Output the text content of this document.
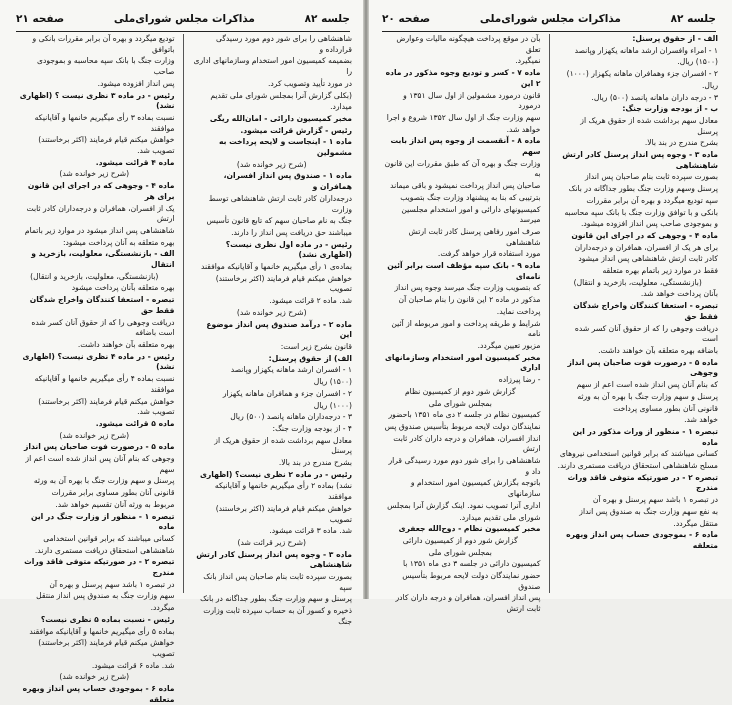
جلسه ۸۲
مذاکرات مجلس شورای‌ملی
صفحه ۲۱

شاهنشاهی را برای شور دوم مورد رسیدگی قرارداده و

بضمیمه کمیسیون امور استخدام وسازمانهای اداری را

در مورد تأیید وتصویب کرد.

(بکلی گزارش آنرا بمجلس شورای ملی تقدیم

میدارد.

مخبر کمیسیون دارائی - امان‌الله ریگی

رئیس - گزارش قرائت میشود.

ماده ۱ - ‌اینجاست ‌و ‌لایحه پرداخت ‌به ‌مشمولین

(شرح زیر خوانده شد)

ماده ۱ - صندوق پس انداز افسران، همافران و

درجه‌داران کادر ثابت ارتش شاهنشاهی توسط وزارت

جنگ به نام صاحبان سهم که تابع قانون تأسیس

میباشند حق دریافت پس انداز را دارند.

رئیس - در ماده اول نظری نیست؟ (اظهاری نشد)

بماده‌ی ۱ رأی میگیریم خانمها و آقایانیکه موافقند

خواهش میکنم قیام فرمایند (اکثر برخاستند) تصویب

شد. ماده ۲ قرائت میشود.

(شرح زیر خوانده شد)

ماده ۲ - درآمد صندوق پس انداز موضوع این

قانون بشرح زیر است:

الف) از حقوق پرسنل:

۱ - افسران ارشد ماهانه یکهزار وپانصد

(۱۵۰۰) ریال

۲ - افسران جزء و همافران ماهانه یکهزار

(۱۰۰۰) ریال

۳ - درجه‌داران ماهانه پانصد (۵۰۰) ریال

۴ - از بودجه وزارت جنگ:

معادل سهم برداشت شده از حقوق هریک از پرسنل

بشرح مندرج در بند بالا.

رئیس - در ماده ۲ نظری نیست؟ (اظهاری

نشد) بماده ۲ رأی میگیریم خانمها و آقایانیکه موافقند

خواهش میکنم قیام فرمایند (اکثر برخاستند) تصویب

شد. ماده ۳ قرائت میشود.

(شرح زیر قرائت شد)

ماده ۳ - وجوه پس انداز پرسنل کادر ارتش شاهنشاهی

بصورت سپرده ثابت بنام صاحبان پس انداز بانک سپه

پرسنل و سهم وزارت جنگ بطور جداگانه در بانک

ذخیره و کسور آن به حساب سپرده ثابت وزارت جنگ

تودیع میگردد و بهره آن برابر مقررات بانکی و باتوافق

وزارت جنگ با بانک سپه محاسبه و بموجودی صاحب

پس انداز افزوده میشود.

رئیس - در ماده ۳ نظری نیست ؟ (اظهاری نشد)

نسبت بماده ۳ رأی میگیریم خانمها و آقایانیکه موافقند

خواهش میکنم قیام فرمایند (اکثر برخاستند) تصویب شد.

ماده ۴ قرائت میشود.

(شرح زیر خوانده شد)

ماده ۴ - وجوهی که در اجرای این قانون برای هر

یک از افسران، همافران و درجه‌داران کادر ثابت ارتش

شاهنشاهی پس انداز میشود در موارد زیر باتمام

بهره متعلقه به آنان پرداخت میشود:

الف - بازنشستگی، معلولیت، بازخرید و انتقال

(بازنشستگی، معلولیت، بازخرید و انتقال)

بهره متعلقه بآنان پرداخت میشود

تبصره - استعفا کنندگان واخراج شدگان فقط حق

دریافت وجوهی را که از حقوق آنان کسر شده است باضافه

بهره متعلقه بآن خواهند داشت.

رئیس - در ماده ۴ نظری نیست؟ (اظهاری نشد)

نسبت بماده ۴ رأی میگیریم خانمها و آقایانیکه موافقند

خواهش میکنم قیام فرمایند (اکثر برخاستند) تصویب شد.

ماده ۵ قرائت میشود.

(شرح زیر خوانده شد)

ماده ۵ - درصورت فوت صاحبان پس انداز

وجوهی که بنام آنان پس انداز شده است اعم از سهم

پرسنل و سهم وزارت جنگ با بهره آن به ورثه

قانونی آنان بطور مساوی برابر مقررات

مربوط به ورثه آنان تقسیم خواهد شد.

تبصره ۱ - منظور از وزارت جنگ در این ماده

کسانی میباشند که برابر قوانین استخدامی

شاهنشاهی استحقاق دریافت مستمری دارند.

تبصره ۲ - در صورتیکه متوفی فاقد وراث مندرج

در تبصره ۱ باشد سهم پرسنل و بهره آن

سهم وزارت جنگ به صندوق پس انداز منتقل

میگردد.

رئیس - نسبت بماده ۵ نظری نیست؟

بماده ۵ رأی میگیریم خانمها و آقایانیکه موافقند

خواهش میکنم قیام فرمایند (اکثر برخاستند) تصویب

شد. ماده ۶ قرائت میشود.

(شرح زیر خوانده شد)

ماده ۶ - بموجودی حساب پس انداز وبهره متعلقه

جلسه ۸۲
مذاکرات مجلس شورای‌ملی
صفحه ۲۰

الف - از حقوق پرسنل:

۱ - امراء وافسران ارشد ماهانه یکهزار وپانصد

(۱۵۰۰) ریال.

۲ - افسران جزء وهمافران ماهانه یکهزار (۱۰۰۰)

ریال.

۳ - درجه داران ماهانه پانصد (۵۰۰) ریال.

ب - از بودجه وزارت جنگ:

معادل سهم برداشت شده از حقوق هریک از پرسنل

بشرح مندرج در بند بالا.

ماده ۳ - وجوه پس انداز پرسنل کادر ارتش شاهنشاهی

بصورت سپرده ثابت بنام صاحبان پس انداز

پرسنل وسهم وزارت جنگ بطور جداگانه در بانک

سپه تودیع میگردد و بهره آن برابر مقررات

بانکی و با توافق وزارت جنگ با بانک سپه محاسبه

و بموجودی صاحب پس انداز افزوده میشود.

ماده ۴ - وجوهی که در اجرای این قانون

برای هر یک از افسران، همافران و درجه‌داران

کادر ثابت ارتش شاهنشاهی پس انداز میشود

فقط در موارد زیر باتمام بهره متعلقه

(بازنشستگی، معلولیت، بازخرید و انتقال)

بآنان پرداخت خواهد شد.

تبصره - استعفا کنندگان واخراج شدگان فقط حق

دریافت وجوهی را که از حقوق آنان کسر شده است

باضافه بهره متعلقه بآن خواهند داشت.

ماده ۵ - درصورت فوت صاحبان پس انداز وجوهی

که بنام آنان پس انداز شده است اعم از سهم

پرسنل و سهم وزارت جنگ با بهره آن به ورثه

قانونی آنان بطور مساوی پرداخت

خواهد شد.

تبصره ۱ - منظور از وراث مذکور در این ماده

کسانی میباشند که برابر قوانین استخدامی نیروهای

مسلح شاهنشاهی استحقاق دریافت مستمری دارند.

تبصره ۲ - در صورتیکه متوفی فاقد وراث مندرج

در تبصره ۱ باشد سهم پرسنل و بهره آن

به نفع سهم وزارت جنگ به صندوق پس انداز

منتقل میگردد.

ماده ۶ - بموجودی حساب پس انداز وبهره متعلقه

بآن در موقع پرداخت هیچگونه مالیات وعوارض تعلق

نمیگیرد.

ماده ۷ - کسر و تودیع وجوه مذکور در ماده ۲ این

قانون درمورد مشمولین از اول سال ۱۳۵۱ و درمورد

سهم وزارت جنگ از اول سال ۱۳۵۲ شروع و اجرا

خواهد شد.

ماده ۸ - آنقسمت از وجوه پس انداز بابت سهم

وزارت جنگ و بهره آن که طبق مقررات این قانون به

صاحبان پس انداز پرداخت نمیشود و باقی میماند

بترتیبی که بنا به پیشنهاد وزارت جنگ بتصویب

کمیسیونهای دارائی و امور استخدام مجلسین میرسد

صرف امور رفاهی پرسنل کادر ثابت ارتش شاهنشاهی

مورد استفاده قرار خواهد گرفت.

ماده ۹ - بانک سپه مؤظف است برابر آئین نامه‌ای

که بتصویب وزارت جنگ میرسد وجوه پس انداز

مذکور در ماده ۲ این قانون را بنام صاحبان آن

پرداخت نماید.

شرایط و طریقه پرداخت و امور مربوطه از آئین نامه

مزبور تعیین میگردد.

مخبر کمیسیون امور استخدام وسازمانهای اداری

- رضا پیرزاده

گزارش شور دوم از کمیسیون نظام

بمجلس شورای ملی

کمیسیون نظام در جلسه ۲ دی ماه ۱۳۵۱ باحضور

نمایندگان دولت لایحه مربوط بتأسیس صندوق پس

انداز افسران، همافران و درجه داران کادر ثابت ارتش

شاهنشاهی را برای شور دوم مورد رسیدگی قرار داد و

باتوجه بگزارش کمیسیون امور استخدام و سازمانهای

اداری آنرا تصویب نمود. اینک گزارش آنرا بمجلس

شورای ملی تقدیم میدارد.

مخبر کمیسیون نظام - دوح‌الله جعفری

گزارش شور دوم از کمیسیون دارائی

بمجلس شورای ملی

کمیسیون دارائی در جلسه ۳ دی ماه ۱۳۵۱ با

حضور نمایندگان دولت لایحه مربوط بتأسیس صندوق

پس انداز افسران، همافران و درجه داران کادر ثابت ارتش
